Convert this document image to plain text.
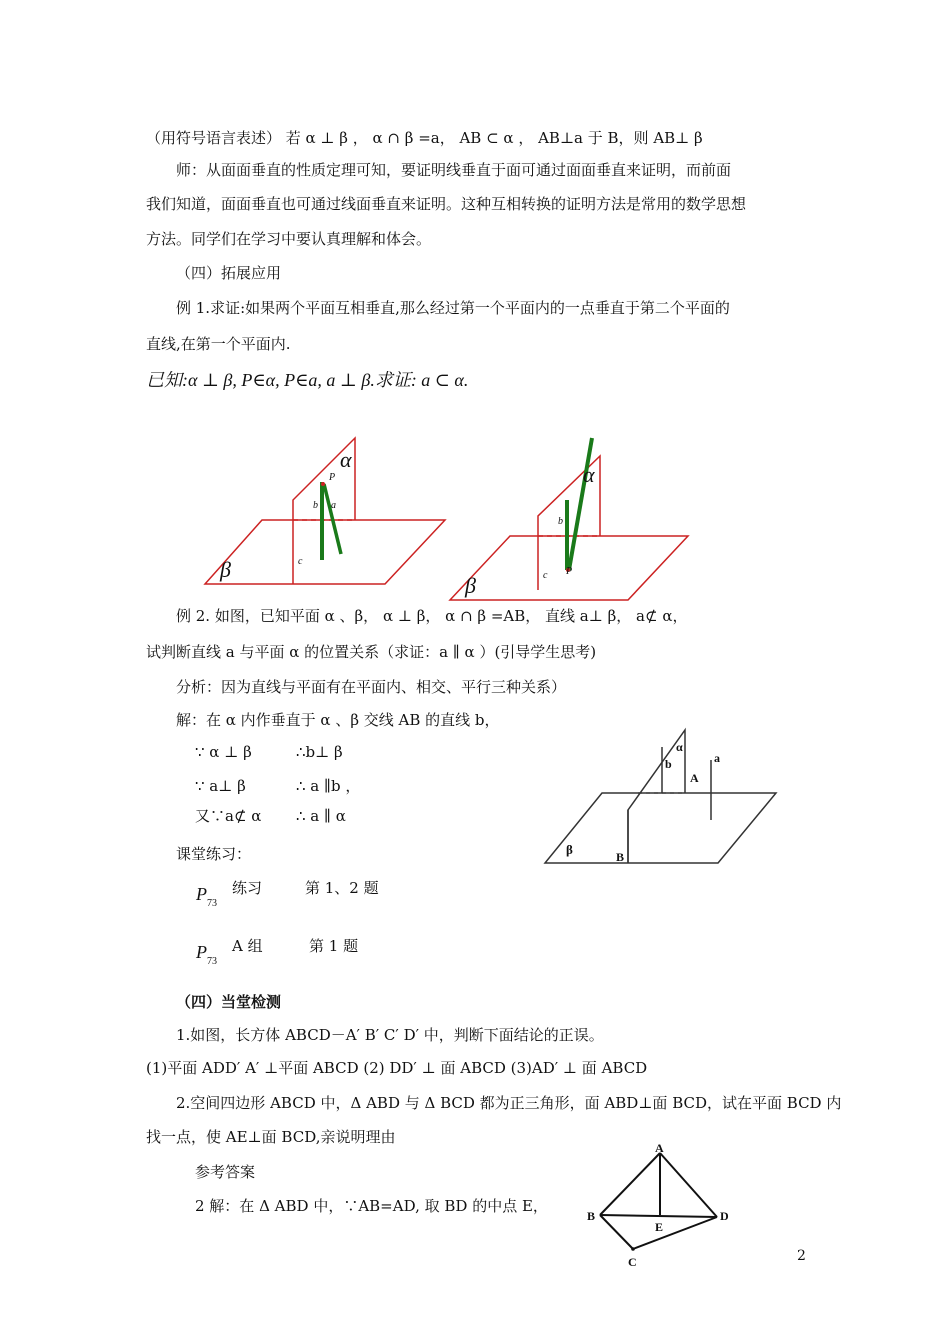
（用符号语言表述） 若 α ⊥ β ， α ∩ β =a， AB ⊂ α ， AB⊥a 于 B，则 AB⊥ β
师：从面面垂直的性质定理可知，要证明线垂直于面可通过面面垂直来证明，而前面
我们知道，面面垂直也可通过线面垂直来证明。这种互相转换的证明方法是常用的数学思想
方法。同学们在学习中要认真理解和体会。
（四）拓展应用
例 1.求证:如果两个平面互相垂直,那么经过第一个平面内的一点垂直于第二个平面的
直线,在第一个平面内.
已知:α ⊥ β, P∈α, P∈a, a ⊥ β.求证: a ⊂ α.
α
β
P
b a
c
α
β
P
b
c
例 2. 如图，已知平面 α 、β， α ⊥ β， α ∩ β =AB， 直线 a⊥ β， a⊄ α，
试判断直线 a 与平面 α 的位置关系（求证：a ∥ α ）(引导学生思考)
分析：因为直线与平面有在平面内、相交、平行三种关系）
解：在 α 内作垂直于 α 、β 交线 AB 的直线 b，
∵ α ⊥ β	∴b⊥ β
∵ a⊥ β	∴ a ∥b ，
又∵a⊄ α ∴ a ∥ α
α
a
b
A
β	B
课堂练习：
$P_{73}$
练习	第 1、2 题
$P_{73}$
A 组	第 1 题
（四）当堂检测
1.如图，长方体 ABCD－A′ B′ C′ D′ 中，判断下面结论的正误。
(1)平面 ADD′ A′ ⊥平面 ABCD (2) DD′ ⊥ 面 ABCD (3)AD′ ⊥ 面 ABCD
2.空间四边形 ABCD 中，Δ ABD 与 Δ BCD 都为正三角形，面 ABD⊥面 BCD，试在平面 BCD 内
找一点，使 AE⊥面 BCD,亲说明理由
参考答案
2 解：在 Δ ABD 中，∵AB=AD, 取 BD 的中点 E，
A
B	D
E
C	2
